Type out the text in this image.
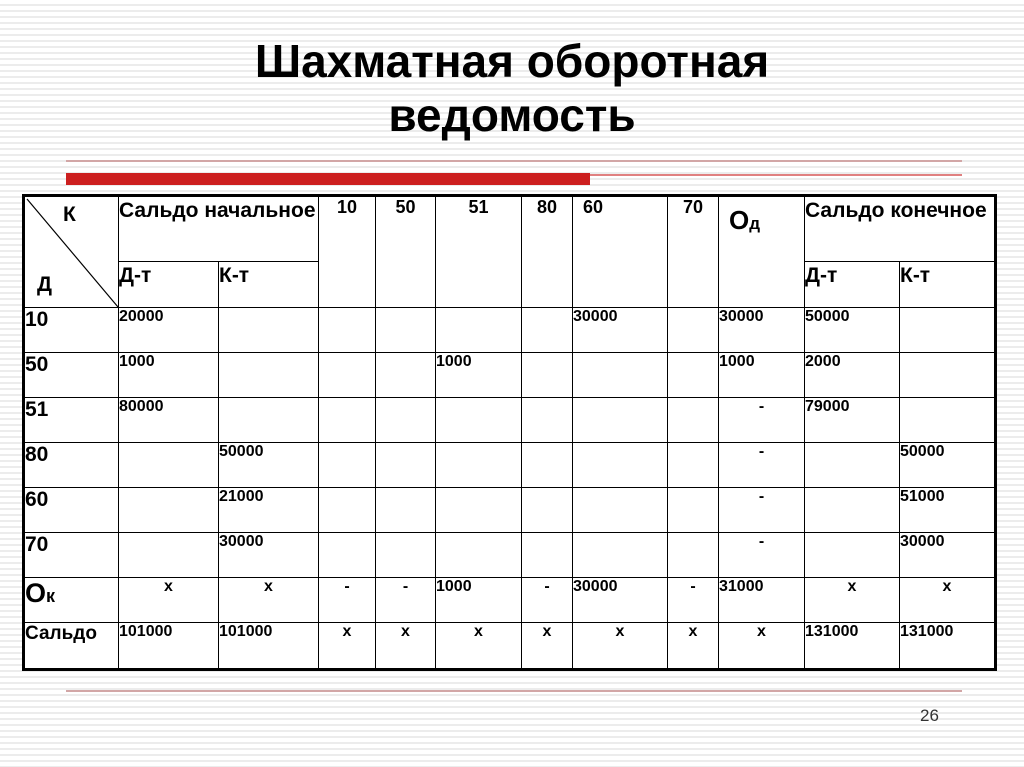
Шахматная оборотная
ведомость
К
Д	Сальдо начальное		10	50	51	80	60	70	Од	Сальдо конечное	
	Д-т	К-т								Д-т	К-т
10	20000						30000		30000	50000	
50	1000				1000				1000	2000	
51	80000								-	79000	
80		50000							-		50000
60		21000							-		51000
70		30000							-		30000
Ок	x	x	-	-	1000	-	30000	-	31000	x	x
Сальдо	101000	101000	x	x	x	x	x	x	x	131000	131000
26
